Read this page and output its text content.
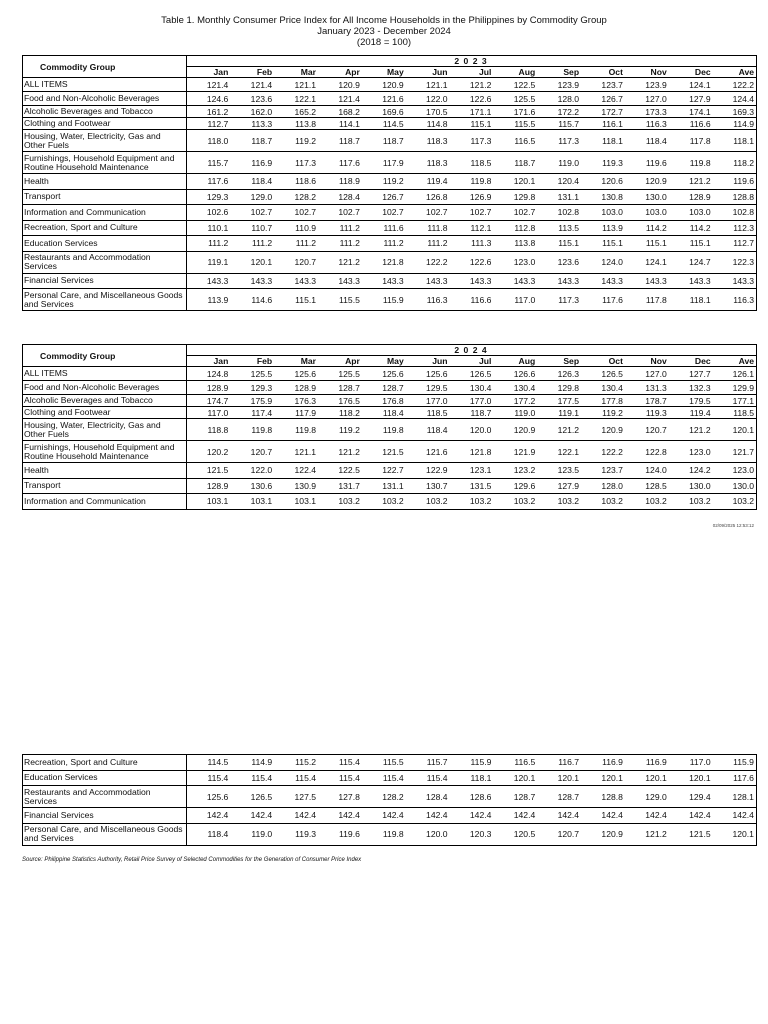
Table 1. Monthly Consumer Price Index for All Income Households in the Philippines by Commodity Group
January 2023 - December 2024
(2018 = 100)
Commodity Group	2 0 2 3												
	Jan	Feb	Mar	Apr	May	Jun	Jul	Aug	Sep	Oct	Nov	Dec	Ave
ALL ITEMS	121.4	121.4	121.1	120.9	120.9	121.1	121.2	122.5	123.9	123.7	123.9	124.1	122.2
Food and Non-Alcoholic Beverages	124.6	123.6	122.1	121.4	121.6	122.0	122.6	125.5	128.0	126.7	127.0	127.9	124.4
Alcoholic Beverages and Tobacco	161.2	162.0	165.2	168.2	169.6	170.5	171.1	171.6	172.2	172.7	173.3	174.1	169.3
Clothing and Footwear	112.7	113.3	113.8	114.1	114.5	114.8	115.1	115.5	115.7	116.1	116.3	116.6	114.9
Housing, Water, Electricity, Gas and Other Fuels	118.0	118.7	119.2	118.7	118.7	118.3	117.3	116.5	117.3	118.1	118.4	117.8	118.1
Furnishings, Household Equipment and Routine Household Maintenance	115.7	116.9	117.3	117.6	117.9	118.3	118.5	118.7	119.0	119.3	119.6	119.8	118.2
Health	117.6	118.4	118.6	118.9	119.2	119.4	119.8	120.1	120.4	120.6	120.9	121.2	119.6
Transport	129.3	129.0	128.2	128.4	126.7	126.8	126.9	129.8	131.1	130.8	130.0	128.9	128.8
Information and Communication	102.6	102.7	102.7	102.7	102.7	102.7	102.7	102.7	102.8	103.0	103.0	103.0	102.8
Recreation, Sport and Culture	110.1	110.7	110.9	111.2	111.6	111.8	112.1	112.8	113.5	113.9	114.2	114.2	112.3
Education Services	111.2	111.2	111.2	111.2	111.2	111.2	111.3	113.8	115.1	115.1	115.1	115.1	112.7
Restaurants and Accommodation Services	119.1	120.1	120.7	121.2	121.8	122.2	122.6	123.0	123.6	124.0	124.1	124.7	122.3
Financial Services	143.3	143.3	143.3	143.3	143.3	143.3	143.3	143.3	143.3	143.3	143.3	143.3	143.3
Personal Care, and Miscellaneous Goods and Services	113.9	114.6	115.1	115.5	115.9	116.3	116.6	117.0	117.3	117.6	117.8	118.1	116.3
Commodity Group	2 0 2 4												
	Jan	Feb	Mar	Apr	May	Jun	Jul	Aug	Sep	Oct	Nov	Dec	Ave
ALL ITEMS	124.8	125.5	125.6	125.5	125.6	125.6	126.5	126.6	126.3	126.5	127.0	127.7	126.1
Food and Non-Alcoholic Beverages	128.9	129.3	128.9	128.7	128.7	129.5	130.4	130.4	129.8	130.4	131.3	132.3	129.9
Alcoholic Beverages and Tobacco	174.7	175.9	176.3	176.5	176.8	177.0	177.0	177.2	177.5	177.8	178.7	179.5	177.1
Clothing and Footwear	117.0	117.4	117.9	118.2	118.4	118.5	118.7	119.0	119.1	119.2	119.3	119.4	118.5
Housing, Water, Electricity, Gas and Other Fuels	118.8	119.8	119.8	119.2	119.8	118.4	120.0	120.9	121.2	120.9	120.7	121.2	120.1
Furnishings, Household Equipment and Routine Household Maintenance	120.2	120.7	121.1	121.2	121.5	121.6	121.8	121.9	122.1	122.2	122.8	123.0	121.7
Health	121.5	122.0	122.4	122.5	122.7	122.9	123.1	123.2	123.5	123.7	124.0	124.2	123.0
Transport	128.9	130.6	130.9	131.7	131.1	130.7	131.5	129.6	127.9	128.0	128.5	130.0	130.0
Information and Communication	103.1	103.1	103.1	103.2	103.2	103.2	103.2	103.2	103.2	103.2	103.2	103.2	103.2
Recreation, Sport and Culture	114.5	114.9	115.2	115.4	115.5	115.7	115.9	116.5	116.7	116.9	116.9	117.0	115.9
Education Services	115.4	115.4	115.4	115.4	115.4	115.4	118.1	120.1	120.1	120.1	120.1	120.1	117.6
Restaurants and Accommodation Services	125.6	126.5	127.5	127.8	128.2	128.4	128.6	128.7	128.7	128.8	129.0	129.4	128.1
Financial Services	142.4	142.4	142.4	142.4	142.4	142.4	142.4	142.4	142.4	142.4	142.4	142.4	142.4
Personal Care, and Miscellaneous Goods and Services	118.4	119.0	119.3	119.6	119.8	120.0	120.3	120.5	120.7	120.9	121.2	121.5	120.1
02/09/2025 12:53:12
Source: Philippine Statistics Authority, Retail Price Survey of Selected Commodities for the Generation of Consumer Price Index
